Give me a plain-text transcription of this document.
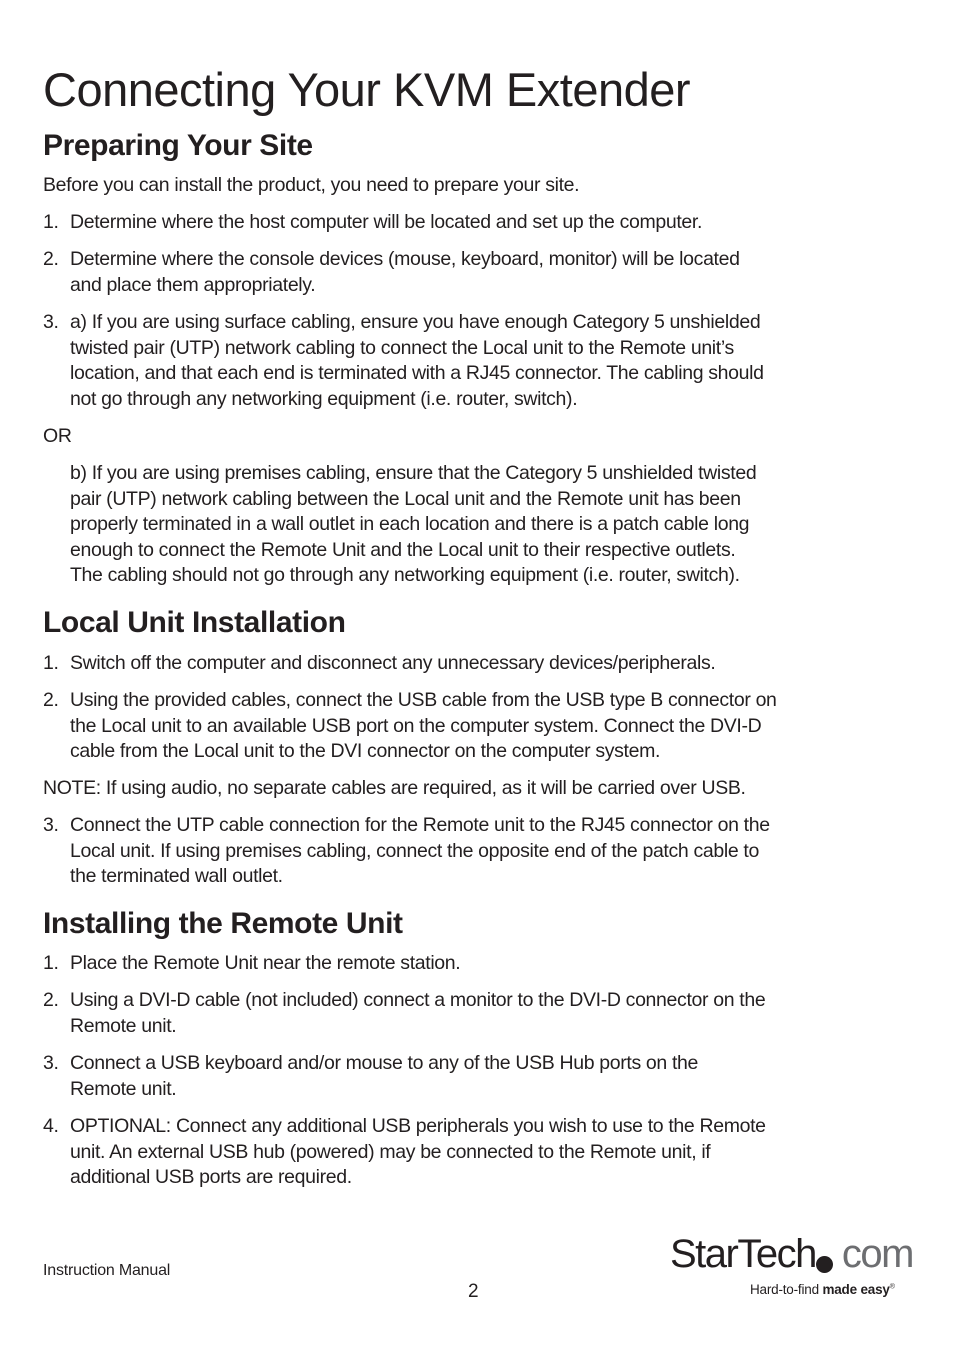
Connecting Your KVM Extender
Preparing Your Site

Before you can install the product, you need to prepare your site.

1. Determine where the host computer will be located and set up the computer.
2. Determine where the console devices (mouse, keyboard, monitor) will be located
and place them appropriately.
3. a) If you are using surface cabling, ensure you have enough Category 5 unshielded
twisted pair (UTP) network cabling to connect the Local unit to the Remote unit’s
location, and that each end is terminated with a RJ45 connector. The cabling should
not go through any networking equipment (i.e. router, switch).

OR

b) If you are using premises cabling, ensure that the Category 5 unshielded twisted
pair (UTP) network cabling between the Local unit and the Remote unit has been
properly terminated in a wall outlet in each location and there is a patch cable long
enough to connect the Remote Unit and the Local unit to their respective outlets.
The cabling should not go through any networking equipment (i.e. router, switch).
Local Unit Installation
1. Switch off the computer and disconnect any unnecessary devices/peripherals.
2. Using the provided cables, connect the USB cable from the USB type B connector on
the Local unit to an available USB port on the computer system. Connect the DVI-D
cable from the Local unit to the DVI connector on the computer system.

NOTE: If using audio, no separate cables are required, as it will be carried over USB.

3. Connect the UTP cable connection for the Remote unit to the RJ45 connector on the
Local unit. If using premises cabling, connect the opposite end of the patch cable to
the terminated wall outlet.
Installing the Remote Unit
1. Place the Remote Unit near the remote station.
2. Using a DVI-D cable (not included) connect a monitor to the DVI-D connector on the
Remote unit.
3. Connect a USB keyboard and/or mouse to any of the USB Hub ports on the
Remote unit.
4. OPTIONAL: Connect any additional USB peripherals you wish to use to the Remote
unit. An external USB hub (powered) may be connected to the Remote unit, if
additional USB ports are required.
Instruction Manual
2
StarTech com
Hard-to-find made easy®
